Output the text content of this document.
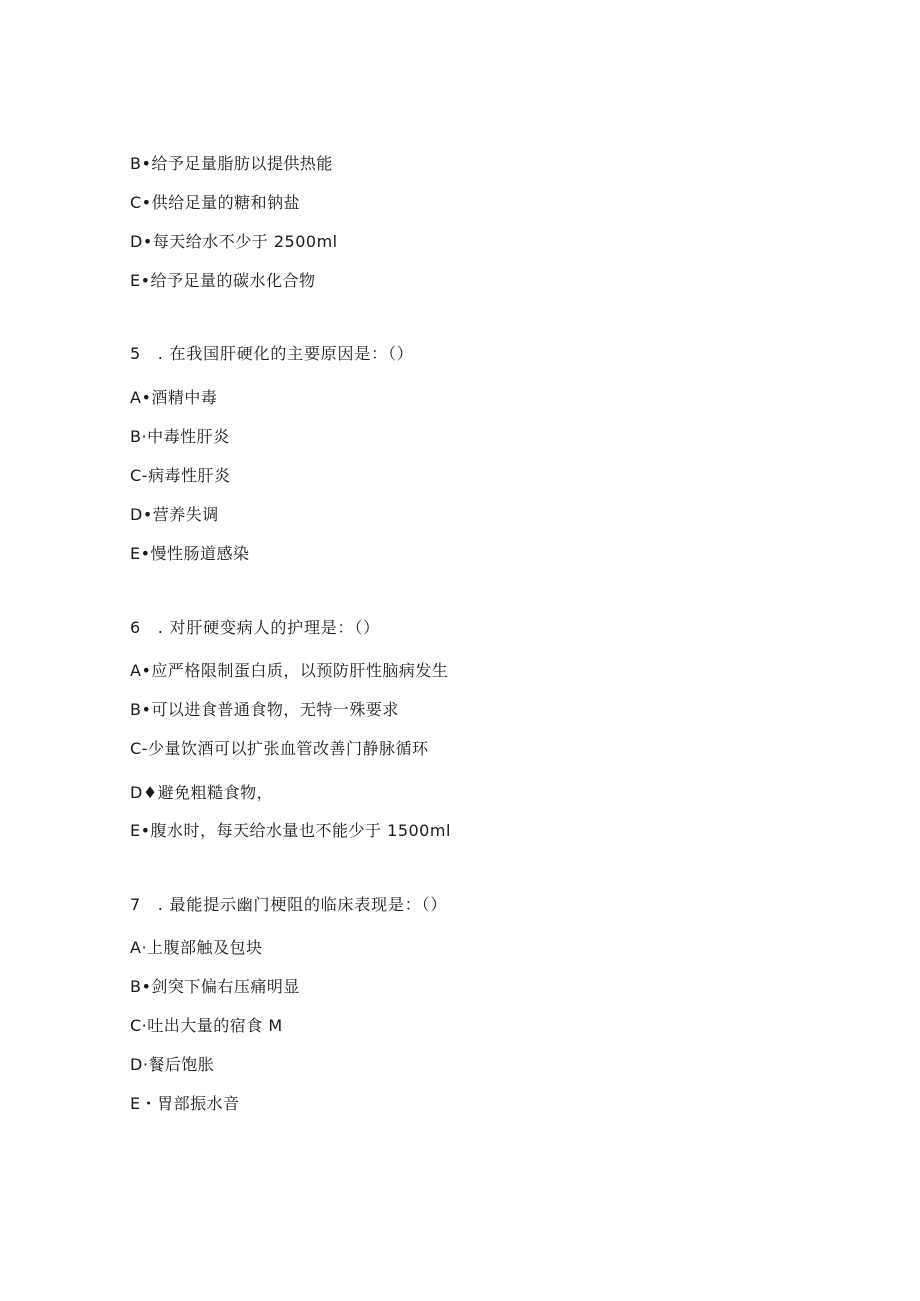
B•给予足量脂肪以提供热能
C•供给足量的糖和钠盐
D•每天给水不少于 2500ml
E•给予足量的碳水化合物
5　. 在我国肝硬化的主要原因是：（）
A•酒精中毒
B·中毒性肝炎
C-病毒性肝炎
D•营养失调
E•慢性肠道感染
6　. 对肝硬变病人的护理是：（）
A•应严格限制蛋白质，以预防肝性脑病发生
B•可以进食普通食物，无特一殊要求
C-少量饮酒可以扩张血管改善门静脉循环
D♦避免粗糙食物，
E•腹水时，每天给水量也不能少于 1500ml
7　. 最能提示幽门梗阻的临床表现是：（）
A·上腹部触及包块
B•剑突下偏右压痛明显
C·吐出大量的宿食 M
D·餐后饱胀
E・胃部振水音
